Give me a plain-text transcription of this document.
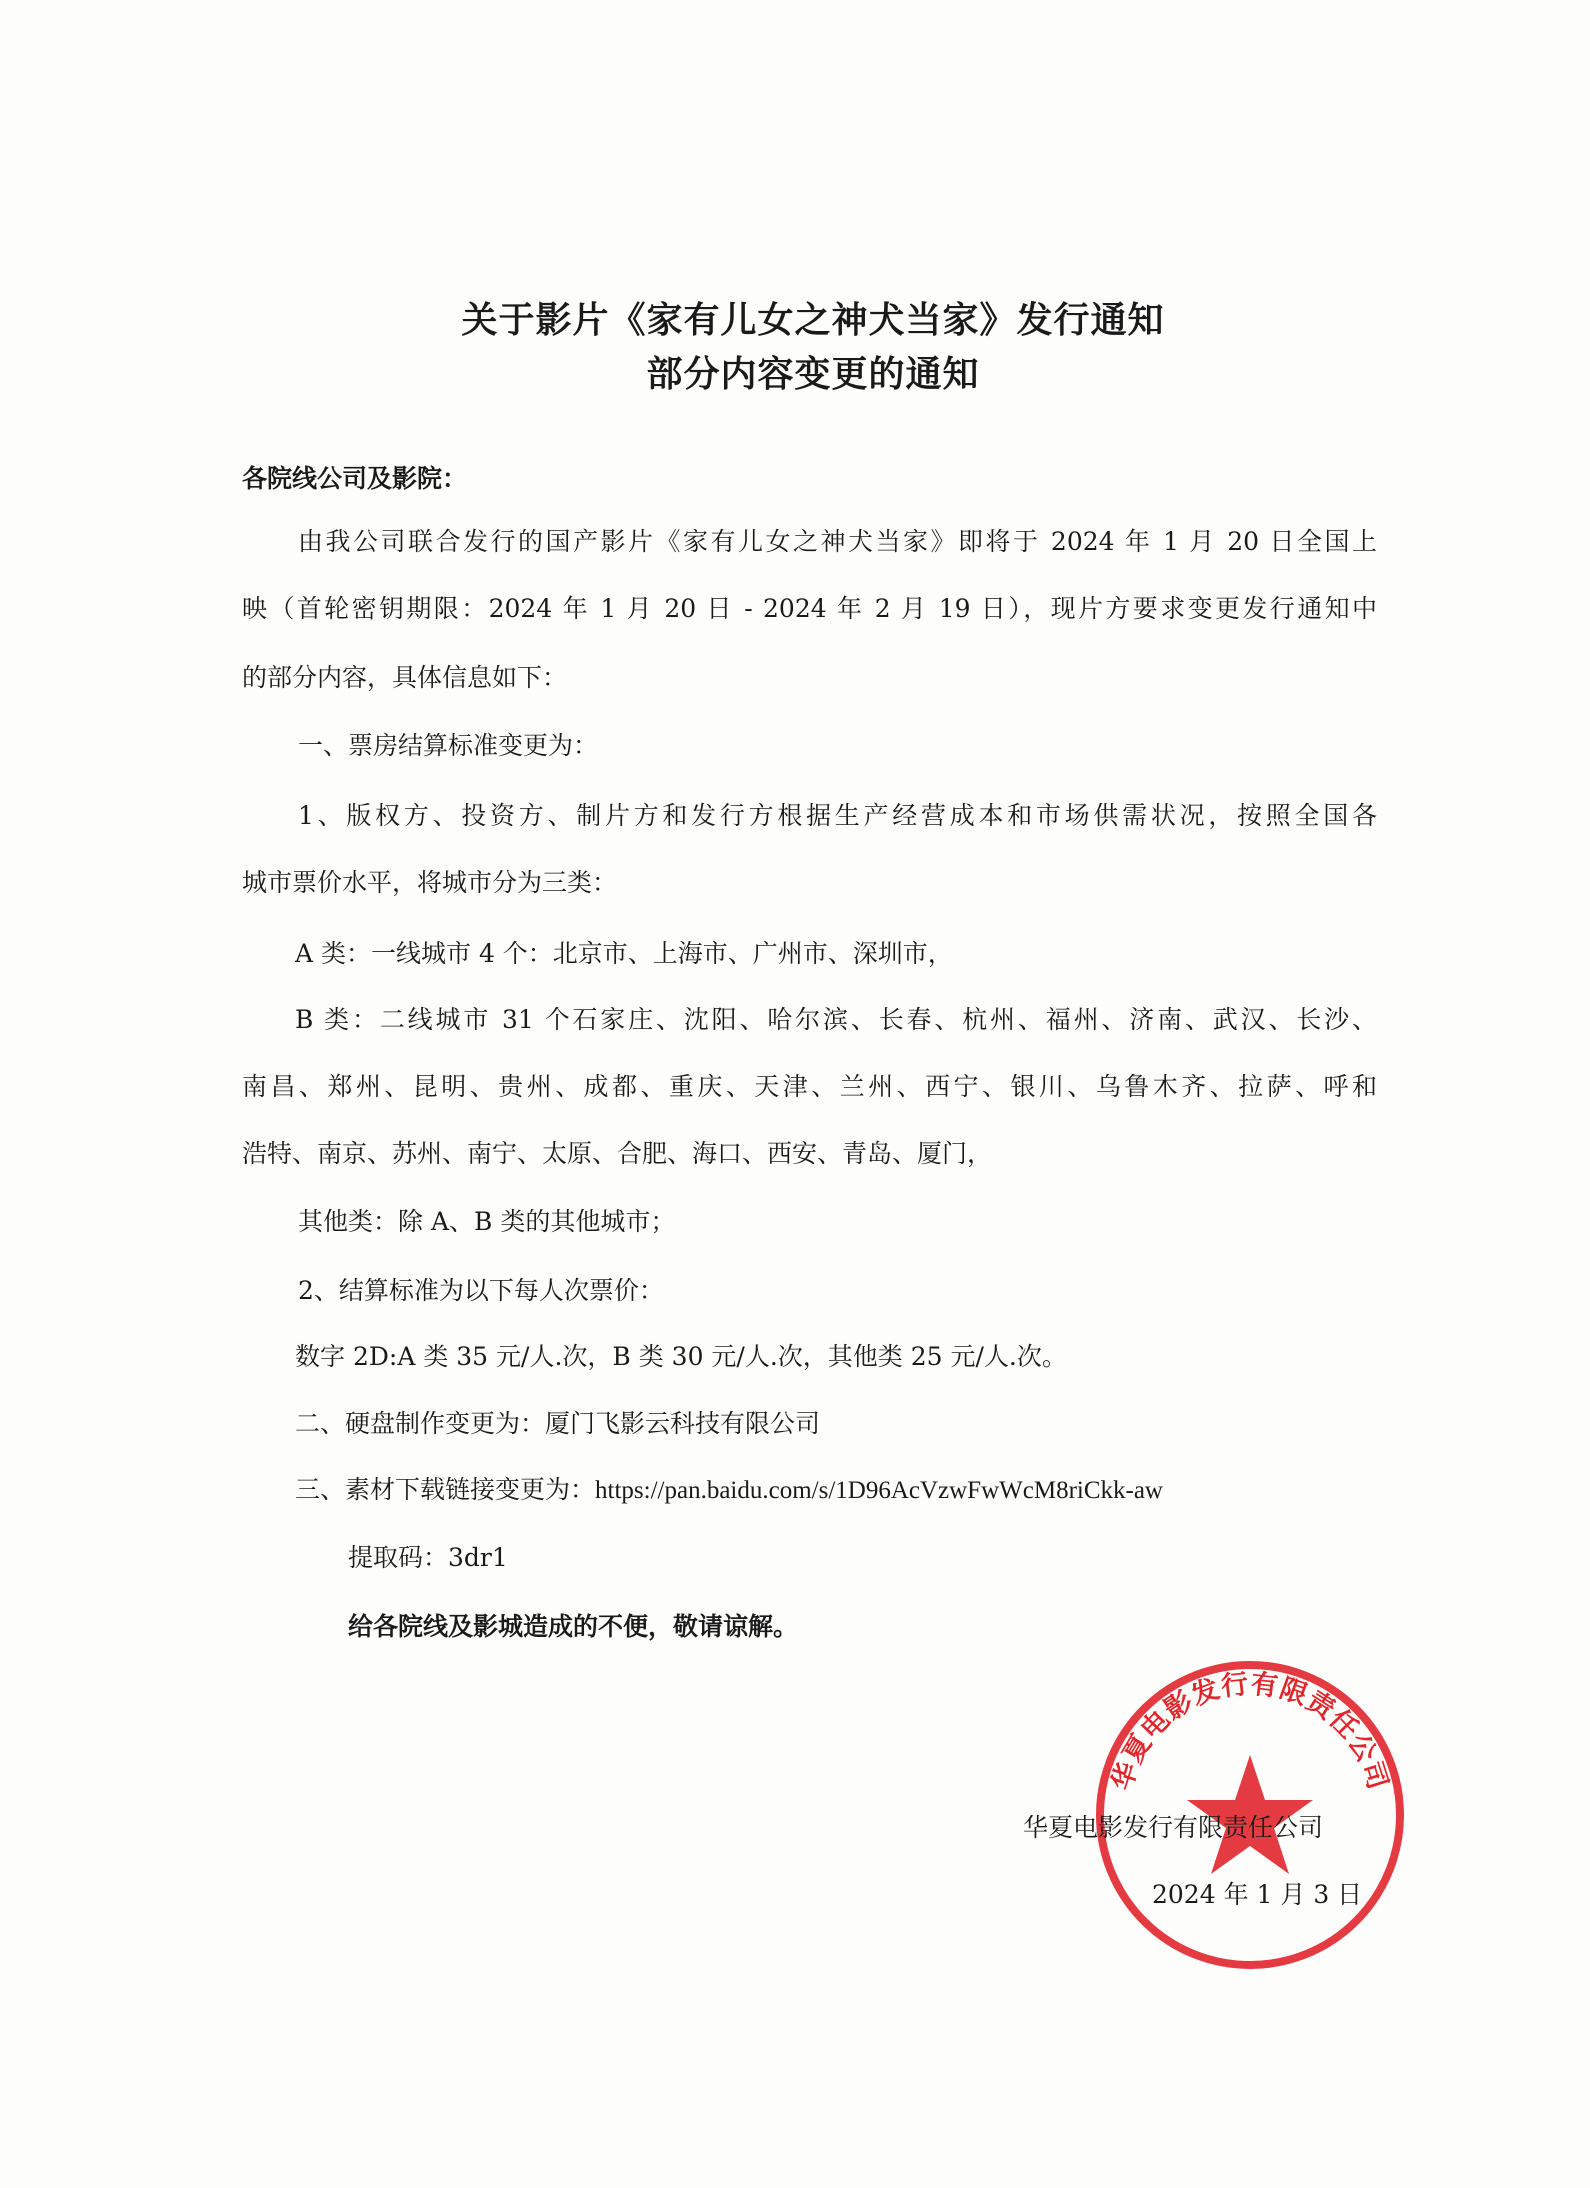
关于影片《家有儿女之神犬当家》发行通知
部分内容变更的通知
各院线公司及影院：
由我公司联合发行的国产影片《家有儿女之神犬当家》即将于 2024 年 1 月 20 日全国上
映（首轮密钥期限：2024 年 1 月 20 日 - 2024 年 2 月 19 日），现片方要求变更发行通知中
的部分内容，具体信息如下：
一、票房结算标准变更为：
1、版权方、投资方、制片方和发行方根据生产经营成本和市场供需状况，按照全国各
城市票价水平，将城市分为三类：
A 类：一线城市 4 个：北京市、上海市、广州市、深圳市，
B 类：二线城市 31 个石家庄、沈阳、哈尔滨、长春、杭州、福州、济南、武汉、长沙、
南昌、郑州、昆明、贵州、成都、重庆、天津、兰州、西宁、银川、乌鲁木齐、拉萨、呼和
浩特、南京、苏州、南宁、太原、合肥、海口、西安、青岛、厦门，
其他类：除 A、B 类的其他城市；
2、结算标准为以下每人次票价：
数字 2D:A 类 35 元/人.次，B 类 30 元/人.次，其他类 25 元/人.次。
二、硬盘制作变更为：厦门飞影云科技有限公司
三、素材下载链接变更为：https://pan.baidu.com/s/1D96AcVzwFwWcM8riCkk-aw
提取码：3dr1
给各院线及影城造成的不便，敬请谅解。
华夏电影发行有限责任公司
华夏电影发行有限责任公司
2024 年 1 月 3 日
